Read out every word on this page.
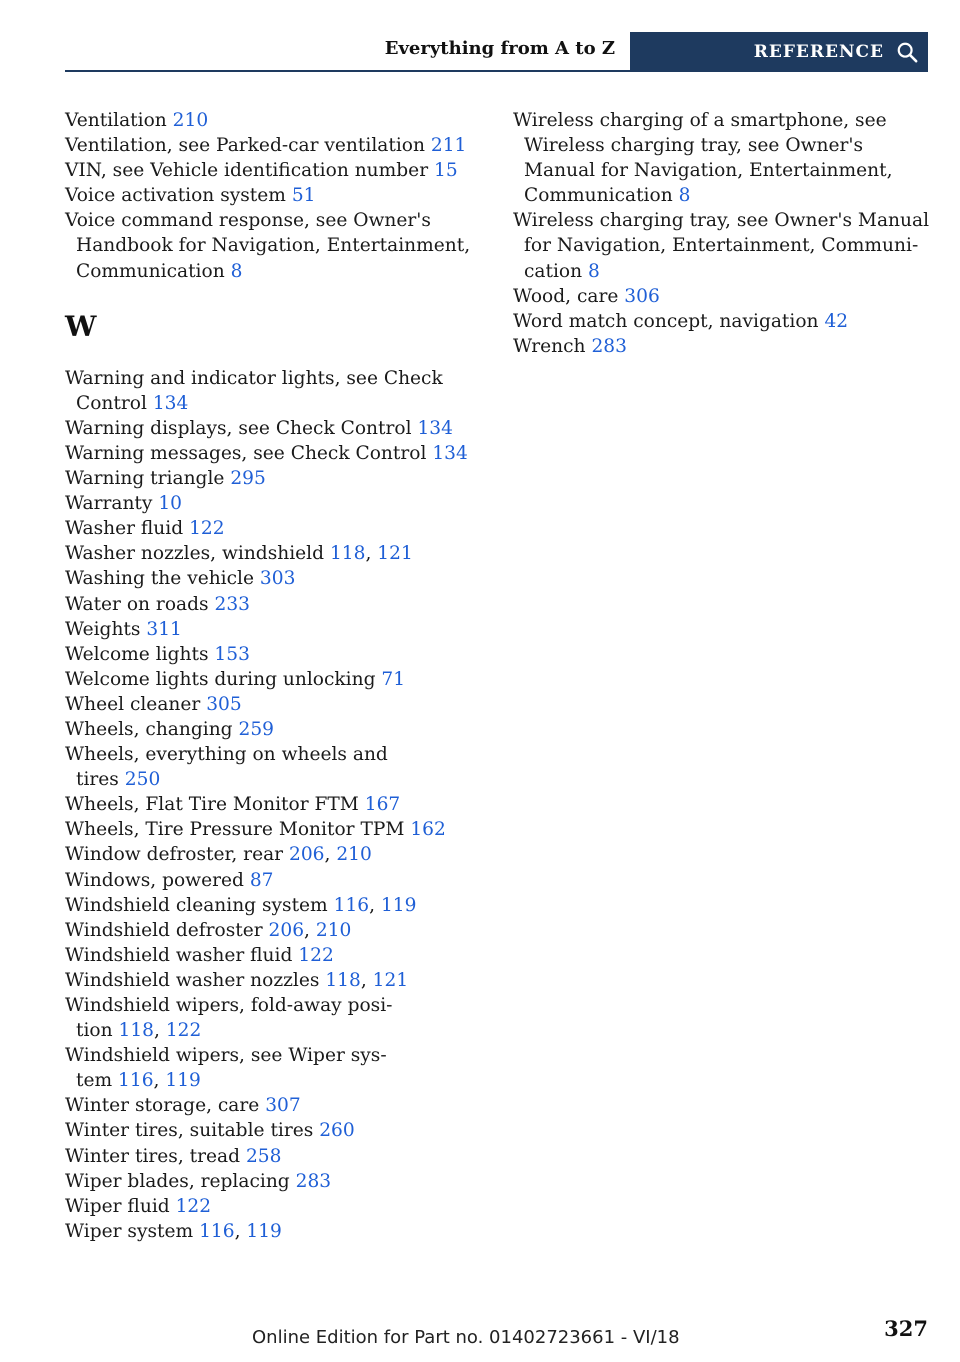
Everything from A to Z	REFERENCE
Ventilation 210
Ventilation, see Parked-car ventilation 211
VIN, see Vehicle identification number 15
Voice activation system 51
Voice command response, see Owner's
Handbook for Navigation, Entertainment,
Communication 8
W
Warning and indicator lights, see Check
Control 134
Warning displays, see Check Control 134
Warning messages, see Check Control 134
Warning triangle 295
Warranty 10
Washer fluid 122
Washer nozzles, windshield 118, 121
Washing the vehicle 303
Water on roads 233
Weights 311
Welcome lights 153
Welcome lights during unlocking 71
Wheel cleaner 305
Wheels, changing 259
Wheels, everything on wheels and
tires 250
Wheels, Flat Tire Monitor FTM 167
Wheels, Tire Pressure Monitor TPM 162
Window defroster, rear 206, 210
Windows, powered 87
Windshield cleaning system 116, 119
Windshield defroster 206, 210
Windshield washer fluid 122
Windshield washer nozzles 118, 121
Windshield wipers, fold-away posi-
tion 118, 122
Windshield wipers, see Wiper sys-
tem 116, 119
Winter storage, care 307
Winter tires, suitable tires 260
Winter tires, tread 258
Wiper blades, replacing 283
Wiper fluid 122
Wiper system 116, 119
Wireless charging of a smartphone, see
Wireless charging tray, see Owner's
Manual for Navigation, Entertainment,
Communication 8
Wireless charging tray, see Owner's Manual
for Navigation, Entertainment, Communi-
cation 8
Wood, care 306
Word match concept, navigation 42
Wrench 283
Online Edition for Part no. 01402723661 - VI/18	327
